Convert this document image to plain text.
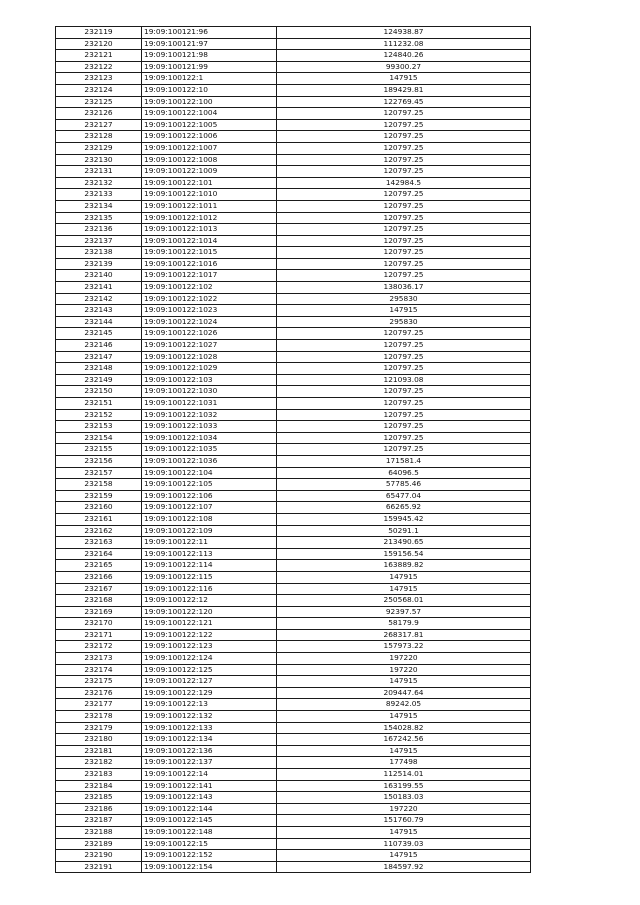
232119	19:09:100121:96	124938.87
232120	19:09:100121:97	111232.08
232121	19:09:100121:98	124840.26
232122	19:09:100121:99	99300.27
232123	19:09:100122:1	147915
232124	19:09:100122:10	189429.81
232125	19:09:100122:100	122769.45
232126	19:09:100122:1004	120797.25
232127	19:09:100122:1005	120797.25
232128	19:09:100122:1006	120797.25
232129	19:09:100122:1007	120797.25
232130	19:09:100122:1008	120797.25
232131	19:09:100122:1009	120797.25
232132	19:09:100122:101	142984.5
232133	19:09:100122:1010	120797.25
232134	19:09:100122:1011	120797.25
232135	19:09:100122:1012	120797.25
232136	19:09:100122:1013	120797.25
232137	19:09:100122:1014	120797.25
232138	19:09:100122:1015	120797.25
232139	19:09:100122:1016	120797.25
232140	19:09:100122:1017	120797.25
232141	19:09:100122:102	138036.17
232142	19:09:100122:1022	295830
232143	19:09:100122:1023	147915
232144	19:09:100122:1024	295830
232145	19:09:100122:1026	120797.25
232146	19:09:100122:1027	120797.25
232147	19:09:100122:1028	120797.25
232148	19:09:100122:1029	120797.25
232149	19:09:100122:103	121093.08
232150	19:09:100122:1030	120797.25
232151	19:09:100122:1031	120797.25
232152	19:09:100122:1032	120797.25
232153	19:09:100122:1033	120797.25
232154	19:09:100122:1034	120797.25
232155	19:09:100122:1035	120797.25
232156	19:09:100122:1036	171581.4
232157	19:09:100122:104	64096.5
232158	19:09:100122:105	57785.46
232159	19:09:100122:106	65477.04
232160	19:09:100122:107	66265.92
232161	19:09:100122:108	159945.42
232162	19:09:100122:109	50291.1
232163	19:09:100122:11	213490.65
232164	19:09:100122:113	159156.54
232165	19:09:100122:114	163889.82
232166	19:09:100122:115	147915
232167	19:09:100122:116	147915
232168	19:09:100122:12	250568.01
232169	19:09:100122:120	92397.57
232170	19:09:100122:121	58179.9
232171	19:09:100122:122	268317.81
232172	19:09:100122:123	157973.22
232173	19:09:100122:124	197220
232174	19:09:100122:125	197220
232175	19:09:100122:127	147915
232176	19:09:100122:129	209447.64
232177	19:09:100122:13	89242.05
232178	19:09:100122:132	147915
232179	19:09:100122:133	154028.82
232180	19:09:100122:134	167242.56
232181	19:09:100122:136	147915
232182	19:09:100122:137	177498
232183	19:09:100122:14	112514.01
232184	19:09:100122:141	163199.55
232185	19:09:100122:143	150183.03
232186	19:09:100122:144	197220
232187	19:09:100122:145	151760.79
232188	19:09:100122:148	147915
232189	19:09:100122:15	110739.03
232190	19:09:100122:152	147915
232191	19:09:100122:154	184597.92
